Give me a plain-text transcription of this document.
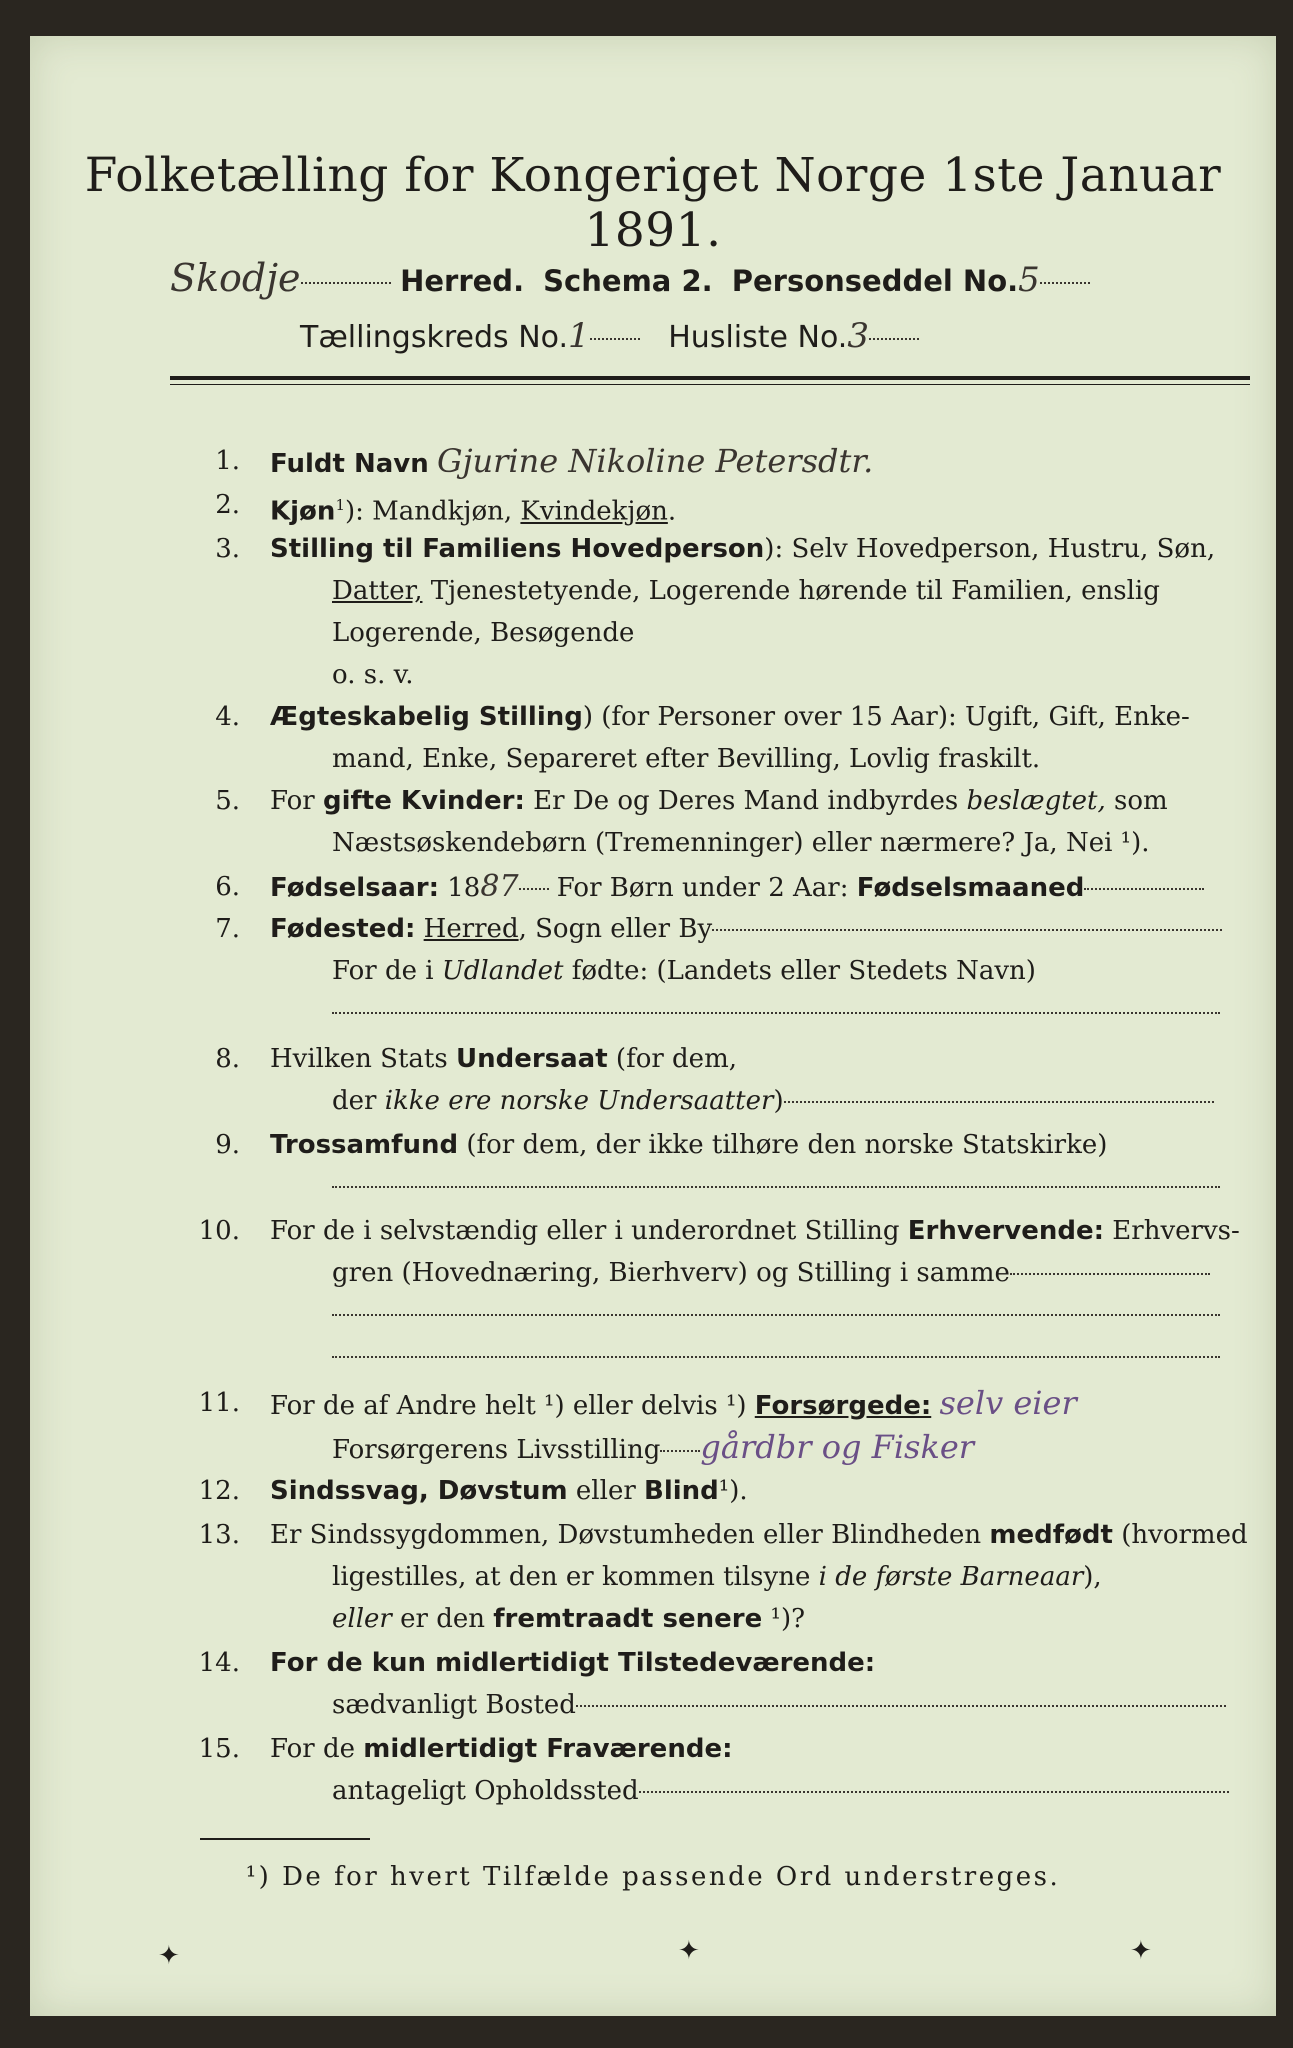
Folketælling for Kongeriget Norge 1ste Januar 1891.
Skodje	Herred. Schema 2. Personseddel No.5
Tællingskreds No.1	Husliste No.3
1. Fuldt Navn Gjurine Nikoline Petersdtr.
2. Kjøn$^1$): Mandkjøn, Kvindekjøn.
3. Stilling til Familiens Hovedperson): Selv Hovedperson, Hustru, Søn,
Datter, Tjenestetyende, Logerende hørende til Familien, enslig
Logerende, Besøgende
o. s. v.
4. Ægteskabelig Stilling) (for Personer over 15 Aar): Ugift, Gift, Enke-
mand, Enke, Separeret efter Bevilling, Lovlig fraskilt.
5. For gifte Kvinder: Er De og Deres Mand indbyrdes beslægtet, som
Næstsøskendebørn (Tremenninger) eller nærmere? Ja, Nei ¹).
6. Fødselsaar: 1887 For Børn under 2 Aar: Fødselsmaaned
7. Fødested: Herred, Sogn eller By
For de i Udlandet fødte: (Landets eller Stedets Navn)
8. Hvilken Stats Undersaat (for dem,
der ikke ere norske Undersaatter)
9. Trossamfund (for dem, der ikke tilhøre den norske Statskirke)
10. For de i selvstændig eller i underordnet Stilling Erhvervende: Erhvervs-
gren (Hovednæring, Bierhverv) og Stilling i samme
11. For de af Andre helt ¹) eller delvis ¹) Forsørgede: selv eier
Forsørgerens Livsstilling gårdbr og Fisker
12. Sindssvag, Døvstum eller Blind¹).
13. Er Sindssygdommen, Døvstumheden eller Blindheden medfødt (hvormed
ligestilles, at den er kommen tilsyne i de første Barneaar),
eller er den fremtraadt senere ¹)?
14. For de kun midlertidigt Tilstedeværende:
sædvanligt Bosted
15. For de midlertidigt Fraværende:
antageligt Opholdssted
¹) De for hvert Tilfælde passende Ord understreges.
✦	✦	✦
